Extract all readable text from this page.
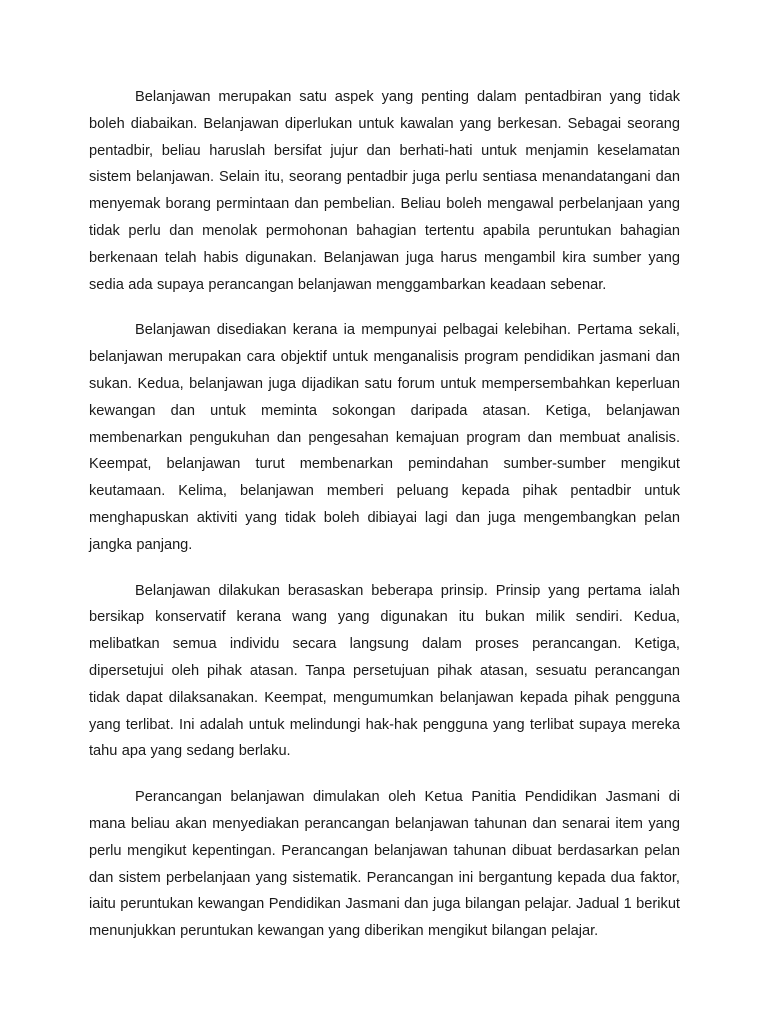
Belanjawan merupakan satu aspek yang penting dalam pentadbiran yang tidak boleh diabaikan. Belanjawan diperlukan untuk kawalan yang berkesan. Sebagai seorang pentadbir, beliau haruslah bersifat jujur dan berhati-hati untuk menjamin keselamatan sistem belanjawan. Selain itu, seorang pentadbir juga perlu sentiasa menandatangani dan menyemak borang permintaan dan pembelian. Beliau boleh mengawal perbelanjaan yang tidak perlu dan menolak permohonan bahagian tertentu apabila peruntukan bahagian berkenaan telah habis digunakan. Belanjawan juga harus mengambil kira sumber yang sedia ada supaya perancangan belanjawan menggambarkan keadaan sebenar.

Belanjawan disediakan kerana ia mempunyai pelbagai kelebihan. Pertama sekali, belanjawan merupakan cara objektif untuk menganalisis program pendidikan jasmani dan sukan. Kedua, belanjawan juga dijadikan satu forum untuk mempersembahkan keperluan kewangan dan untuk meminta sokongan daripada atasan. Ketiga, belanjawan membenarkan pengukuhan dan pengesahan kemajuan program dan membuat analisis. Keempat, belanjawan turut membenarkan pemindahan sumber-sumber mengikut keutamaan. Kelima, belanjawan memberi peluang kepada pihak pentadbir untuk menghapuskan aktiviti yang tidak boleh dibiayai lagi dan juga mengembangkan pelan jangka panjang.

Belanjawan dilakukan berasaskan beberapa prinsip. Prinsip yang pertama ialah bersikap konservatif kerana wang yang digunakan itu bukan milik sendiri. Kedua, melibatkan semua individu secara langsung dalam proses perancangan. Ketiga, dipersetujui oleh pihak atasan. Tanpa persetujuan pihak atasan, sesuatu perancangan tidak dapat dilaksanakan. Keempat, mengumumkan belanjawan kepada pihak pengguna yang terlibat. Ini adalah untuk melindungi hak-hak pengguna yang terlibat supaya mereka tahu apa yang sedang berlaku.

Perancangan belanjawan dimulakan oleh Ketua Panitia Pendidikan Jasmani di mana beliau akan menyediakan perancangan belanjawan tahunan dan senarai item yang perlu mengikut kepentingan. Perancangan belanjawan tahunan dibuat berdasarkan pelan dan sistem perbelanjaan yang sistematik. Perancangan ini bergantung kepada dua faktor, iaitu peruntukan kewangan Pendidikan Jasmani dan juga bilangan pelajar. Jadual 1 berikut menunjukkan peruntukan kewangan yang diberikan mengikut bilangan pelajar.
